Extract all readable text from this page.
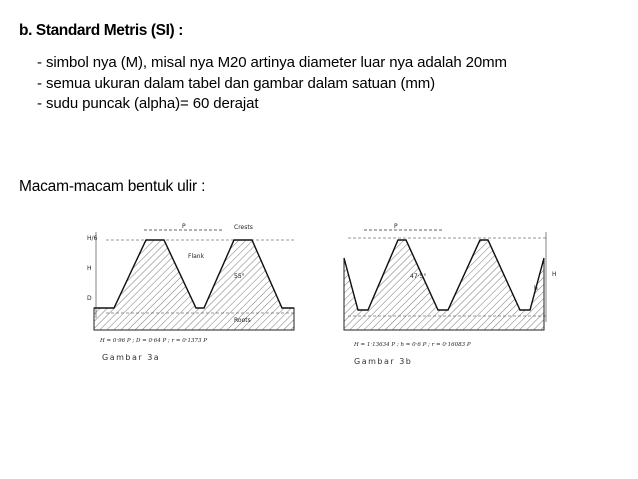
b. Standard Metris (SI) :
- simbol nya (M), misal nya M20 artinya diameter luar nya adalah 20mm
- semua ukuran dalam tabel dan gambar dalam satuan (mm)
- sudu puncak (alpha)= 60 derajat
Macam-macam bentuk ulir :
P	Crests
Flank
55°
Roots
H/6
H
D
H = 0·96 P ; D = 0·64 P ; r = 0·1373 P
Gambar 3a
P
47·5°	H
h
H = 1·13634 P ; h = 0·6 P ; r = 0·16083 P
Gambar 3b
